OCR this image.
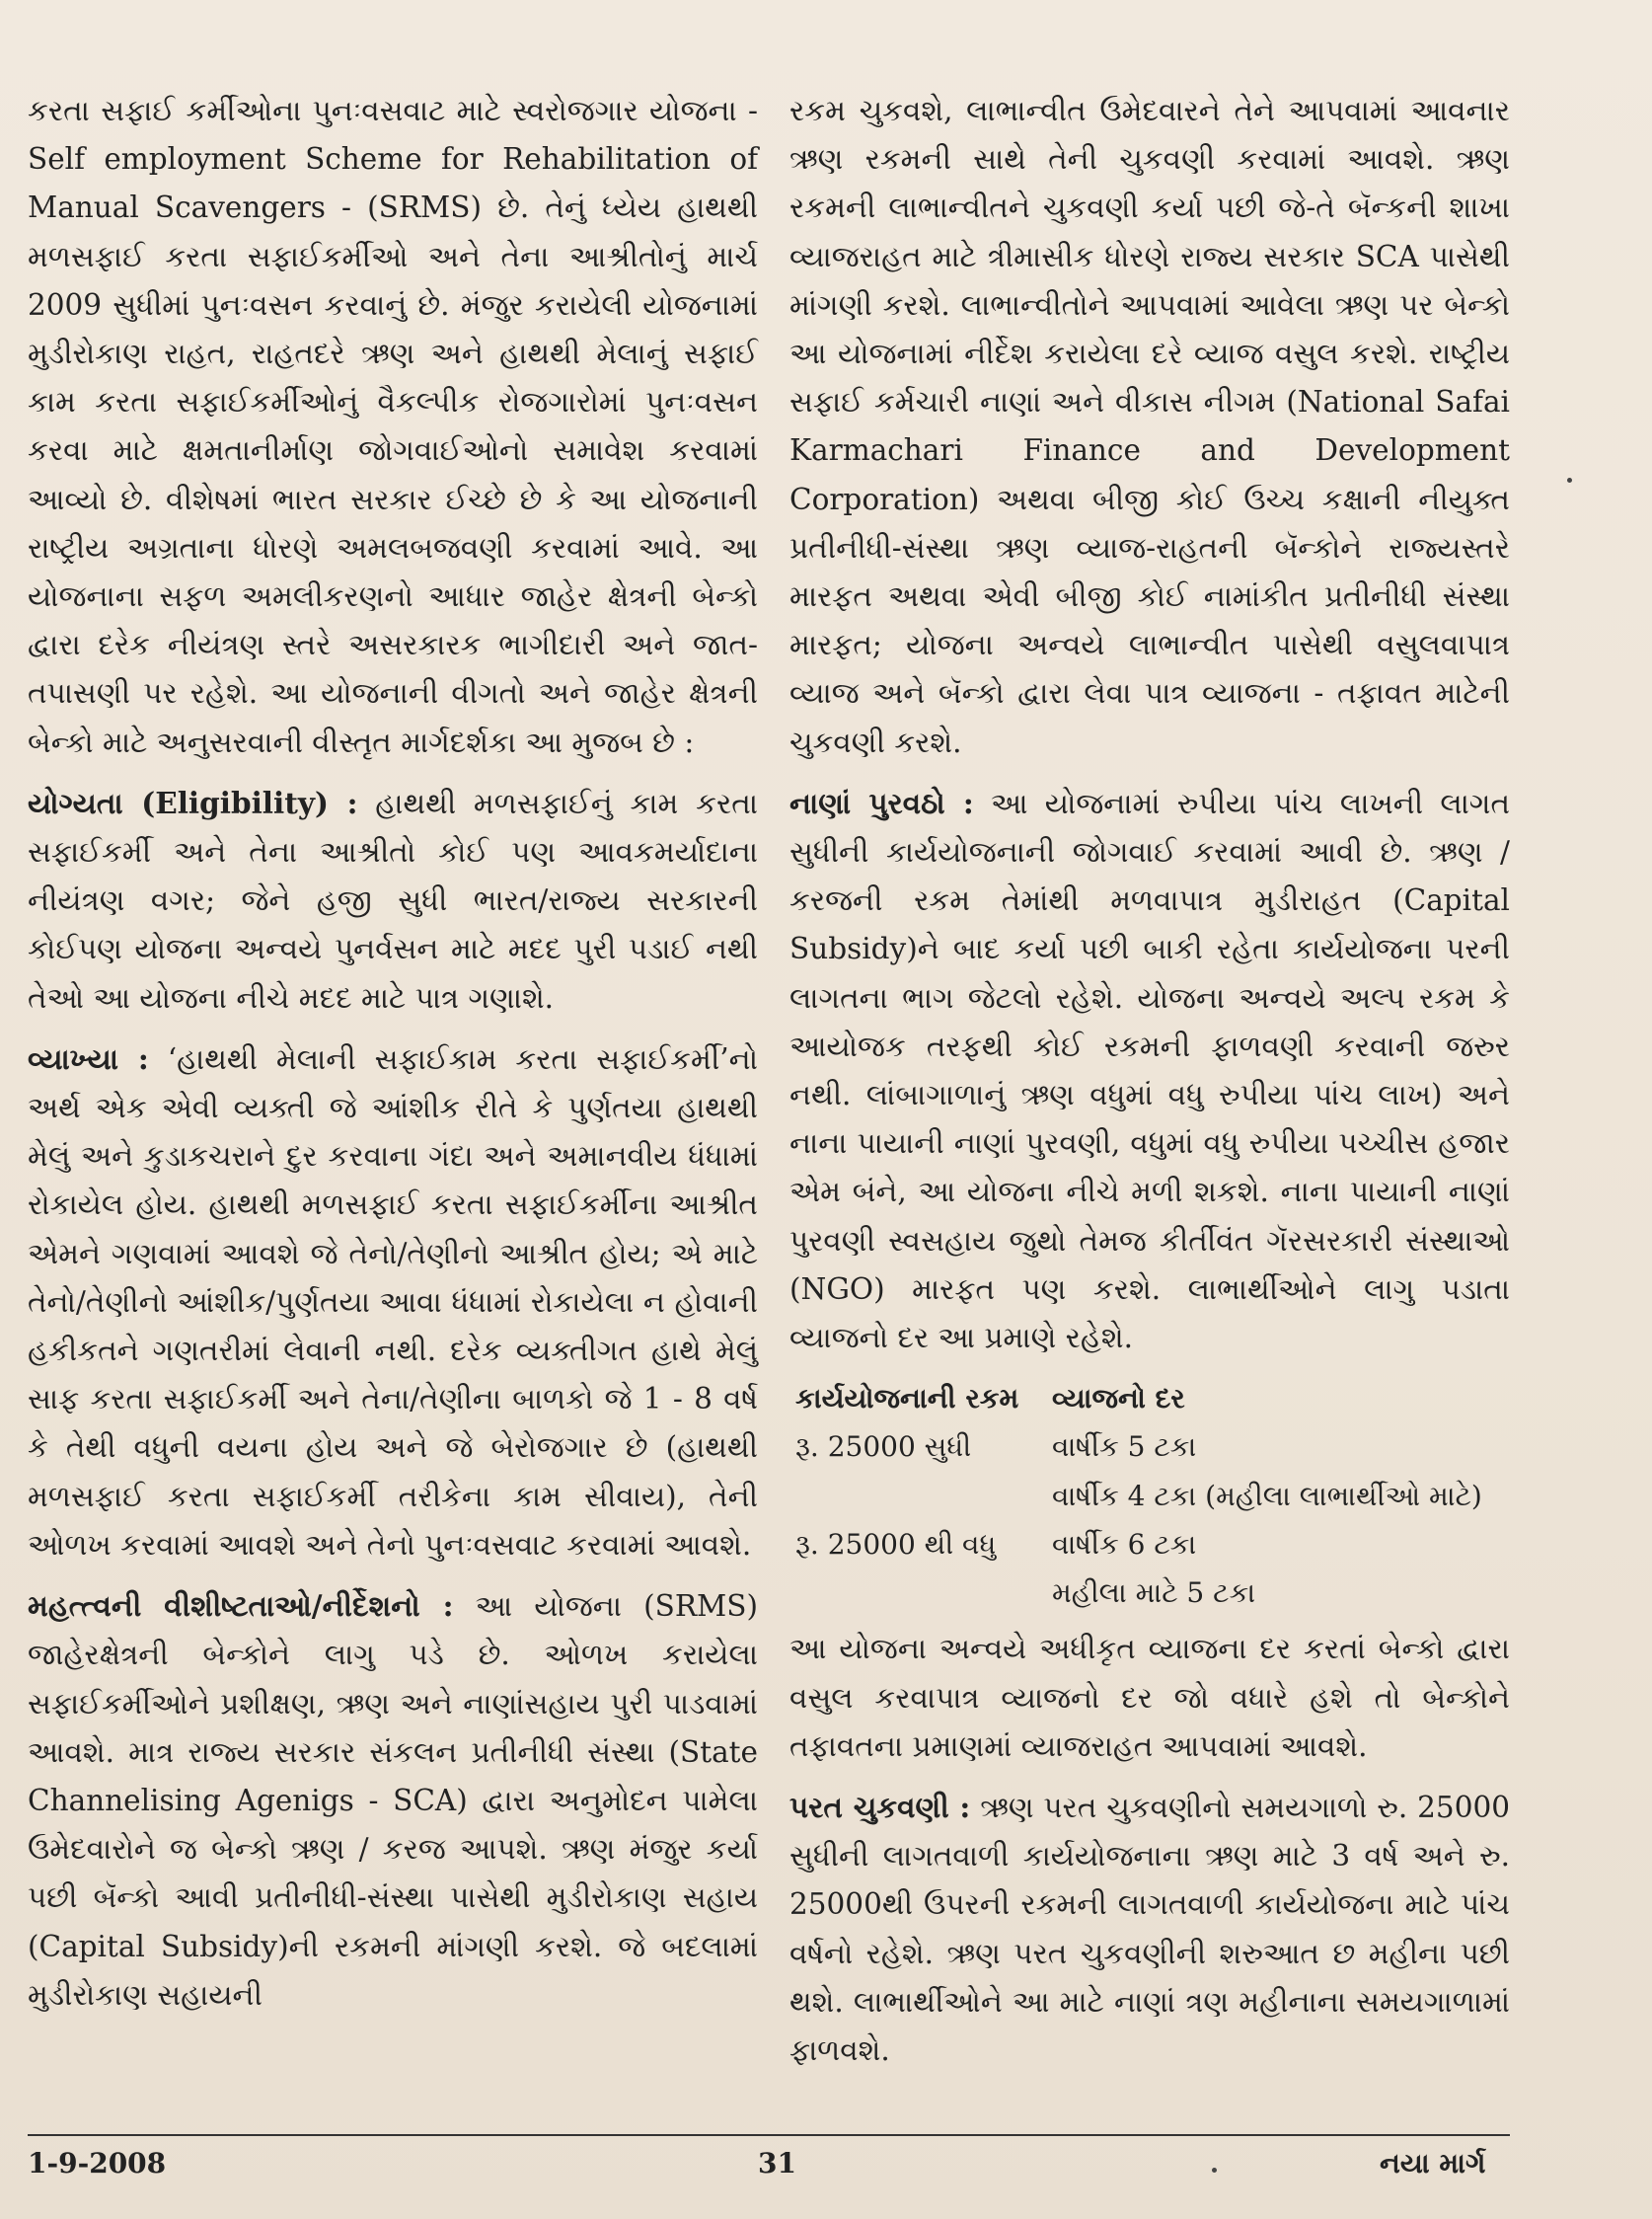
કરતા સફાઈ કર્મીઓના પુનઃવસવાટ માટે સ્વરોજગાર યોજના - Self employment Scheme for Rehabilitation of Manual Scavengers - (SRMS) છે. તેનું ધ્યેય હાથથી મળસફાઈ કરતા સફાઈકર્મીઓ અને તેના આશ્રીતોનું માર્ચ 2009 સુધીમાં પુનઃવસન કરવાનું છે. મંજુર કરાયેલી યોજનામાં મુડીરોકાણ રાહત, રાહતદરે ઋણ અને હાથથી મેલાનું સફાઈ કામ કરતા સફાઈકર્મીઓનું વૈકલ્પીક રોજગારોમાં પુનઃવસન કરવા માટે ક્ષમતાનીર્માણ જોગવાઈઓનો સમાવેશ કરવામાં આવ્યો છે. વીશેષમાં ભારત સરકાર ઈચ્છે છે કે આ યોજનાની રાષ્ટ્રીય અગ્રતાના ધોરણે અમલબજવણી કરવામાં આવે. આ યોજનાના સફળ અમલીકરણનો આધાર જાહેર ક્ષેત્રની બેન્કો દ્વારા દરેક નીયંત્રણ સ્તરે અસરકારક ભાગીદારી અને જાત-તપાસણી પર રહેશે. આ યોજનાની વીગતો અને જાહેર ક્ષેત્રની બેન્કો માટે અનુસરવાની વીસ્તૃત માર્ગદર્શકા આ મુજબ છે :

યોગ્યતા (Eligibility) : હાથથી મળસફાઈનું કામ કરતા સફાઈકર્મી અને તેના આશ્રીતો કોઈ પણ આવકમર્યાદાના નીયંત્રણ વગર; જેને હજી સુધી ભારત/રાજ્ય સરકારની કોઈપણ યોજના અન્વયે પુનર્વસન માટે મદદ પુરી પડાઈ નથી તેઓ આ યોજના નીચે મદદ માટે પાત્ર ગણાશે.

વ્યાખ્યા : ‘હાથથી મેલાની સફાઈકામ કરતા સફાઈકર્મી’નો અર્થ એક એવી વ્યક્તી જે આંશીક રીતે કે પુર્ણતયા હાથથી મેલું અને કુડાકચરાને દુર કરવાના ગંદા અને અમાનવીય ધંધામાં રોકાયેલ હોય. હાથથી મળસફાઈ કરતા સફાઈકર્મીના આશ્રીત એમને ગણવામાં આવશે જે તેનો/તેણીનો આશ્રીત હોય; એ માટે તેનો/તેણીનો આંશીક/પુર્ણતયા આવા ધંધામાં રોકાયેલા ન હોવાની હકીકતને ગણતરીમાં લેવાની નથી. દરેક વ્યક્તીગત હાથે મેલું સાફ કરતા સફાઈકર્મી અને તેના/તેણીના બાળકો જે 1 - 8 વર્ષ કે તેથી વધુની વયના હોય અને જે બેરોજગાર છે (હાથથી મળસફાઈ કરતા સફાઈકર્મી તરીકેના કામ સીવાય), તેની ઓળખ કરવામાં આવશે અને તેનો પુનઃવસવાટ કરવામાં આવશે.

મહત્ત્વની વીશીષ્ટતાઓ/નીર્દેશનો : આ યોજના (SRMS) જાહેરક્ષેત્રની બેન્કોને લાગુ પડે છે. ઓળખ કરાયેલા સફાઈકર્મીઓને પ્રશીક્ષણ, ઋણ અને નાણાંસહાય પુરી પાડવામાં આવશે. માત્ર રાજ્ય સરકાર સંકલન પ્રતીનીધી સંસ્થા (State Channelising Agenigs - SCA) દ્વારા અનુમોદન પામેલા ઉમેદવારોને જ બેન્કો ઋણ / કરજ આપશે. ઋણ મંજુર કર્યા પછી બૅન્કો આવી પ્રતીનીધી-સંસ્થા પાસેથી મુડીરોકાણ સહાય (Capital Subsidy)ની રકમની માંગણી કરશે. જે બદલામાં મુડીરોકાણ સહાયની

રકમ ચુકવશે, લાભાન્વીત ઉમેદવારને તેને આપવામાં આવનાર ઋણ રકમની સાથે તેની ચુકવણી કરવામાં આવશે. ઋણ રકમની લાભાન્વીતને ચુકવણી કર્યા પછી જે-તે બૅન્કની શાખા વ્યાજરાહત માટે ત્રીમાસીક ધોરણે રાજ્ય સરકાર SCA પાસેથી માંગણી કરશે. લાભાન્વીતોને આપવામાં આવેલા ઋણ પર બેન્કો આ યોજનામાં નીર્દેશ કરાયેલા દરે વ્યાજ વસુલ કરશે. રાષ્ટ્રીય સફાઈ કર્મચારી નાણાં અને વીકાસ નીગમ (National Safai Karmachari Finance and Development Corporation) અથવા બીજી કોઈ ઉચ્ચ કક્ષાની નીયુક્ત પ્રતીનીધી-સંસ્થા ઋણ વ્યાજ-રાહતની બૅન્કોને રાજ્યસ્તરે મારફત અથવા એવી બીજી કોઈ નામાંકીત પ્રતીનીધી સંસ્થા મારફત; યોજના અન્વયે લાભાન્વીત પાસેથી વસુલવાપાત્ર વ્યાજ અને બૅન્કો દ્વારા લેવા પાત્ર વ્યાજના - તફાવત માટેની ચુકવણી કરશે.

નાણાં પુરવઠો : આ યોજનામાં રુપીયા પાંચ લાખની લાગત સુધીની કાર્યયોજનાની જોગવાઈ કરવામાં આવી છે. ઋણ / કરજની રકમ તેમાંથી મળવાપાત્ર મુડીરાહત (Capital Subsidy)ને બાદ કર્યા પછી બાકી રહેતા કાર્યયોજના પરની લાગતના ભાગ જેટલો રહેશે. યોજના અન્વયે અલ્પ રકમ કે આયોજક તરફથી કોઈ રકમની ફાળવણી કરવાની જરુર નથી. લાંબાગાળાનું ઋણ વધુમાં વધુ રુપીયા પાંચ લાખ) અને નાના પાયાની નાણાં પુરવણી, વધુમાં વધુ રુપીયા પચ્ચીસ હજાર એમ બંને, આ યોજના નીચે મળી શકશે. નાના પાયાની નાણાં પુરવણી સ્વસહાય જુથો તેમજ કીર્તીવંત ગૅરસરકારી સંસ્થાઓ (NGO) મારફત પણ કરશે. લાભાર્થીઓને લાગુ પડાતા વ્યાજનો દર આ પ્રમાણે રહેશે.

કાર્યયોજનાની રકમ	વ્યાજનો દર
રૂ. 25000 સુધી	વાર્ષીક 5 ટકા
	વાર્ષીક 4 ટકા (મહીલા લાભાર્થીઓ માટે)
રૂ. 25000 થી વધુ	વાર્ષીક 6 ટકા
	મહીલા માટે 5 ટકા

આ યોજના અન્વયે અધીકૃત વ્યાજના દર કરતાં બેન્કો દ્વારા વસુલ કરવાપાત્ર વ્યાજનો દર જો વધારે હશે તો બેન્કોને તફાવતના પ્રમાણમાં વ્યાજરાહત આપવામાં આવશે.

પરત ચુકવણી : ઋણ પરત ચુકવણીનો સમયગાળો રુ. 25000 સુધીની લાગતવાળી કાર્યયોજનાના ઋણ માટે 3 વર્ષ અને રુ. 25000થી ઉપરની રકમની લાગતવાળી કાર્યયોજના માટે પાંચ વર્ષનો રહેશે. ઋણ પરત ચુકવણીની શરુઆત છ મહીના પછી થશે. લાભાર્થીઓને આ માટે નાણાં ત્રણ મહીનાના સમયગાળામાં ફાળવશે.

1-9-2008	31	નયા માર્ગ
